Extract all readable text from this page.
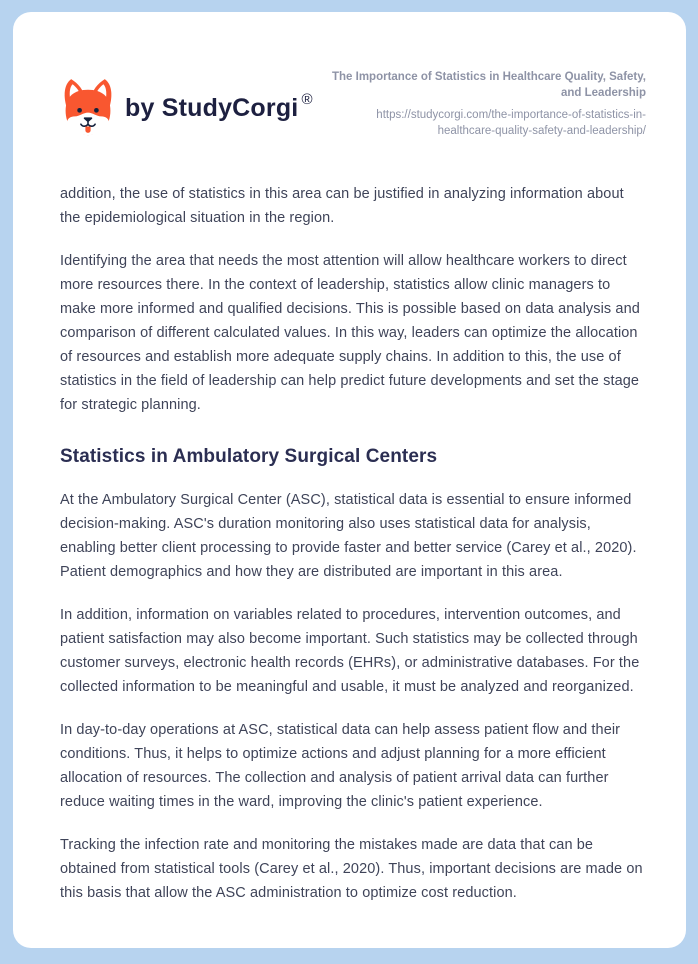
by StudyCorgi ®
The Importance of Statistics in Healthcare Quality, Safety, and Leadership
https://studycorgi.com/the-importance-of-statistics-in-healthcare-quality-safety-and-leadership/

addition, the use of statistics in this area can be justified in analyzing information about the epidemiological situation in the region.

Identifying the area that needs the most attention will allow healthcare workers to direct more resources there. In the context of leadership, statistics allow clinic managers to make more informed and qualified decisions. This is possible based on data analysis and comparison of different calculated values. In this way, leaders can optimize the allocation of resources and establish more adequate supply chains. In addition to this, the use of statistics in the field of leadership can help predict future developments and set the stage for strategic planning.

Statistics in Ambulatory Surgical Centers

At the Ambulatory Surgical Center (ASC), statistical data is essential to ensure informed decision-making. ASC's duration monitoring also uses statistical data for analysis, enabling better client processing to provide faster and better service (Carey et al., 2020). Patient demographics and how they are distributed are important in this area.

In addition, information on variables related to procedures, intervention outcomes, and patient satisfaction may also become important. Such statistics may be collected through customer surveys, electronic health records (EHRs), or administrative databases. For the collected information to be meaningful and usable, it must be analyzed and reorganized.

In day-to-day operations at ASC, statistical data can help assess patient flow and their conditions. Thus, it helps to optimize actions and adjust planning for a more efficient allocation of resources. The collection and analysis of patient arrival data can further reduce waiting times in the ward, improving the clinic's patient experience.

Tracking the infection rate and monitoring the mistakes made are data that can be obtained from statistical tools (Carey et al., 2020). Thus, important decisions are made on this basis that allow the ASC administration to optimize cost reduction.
